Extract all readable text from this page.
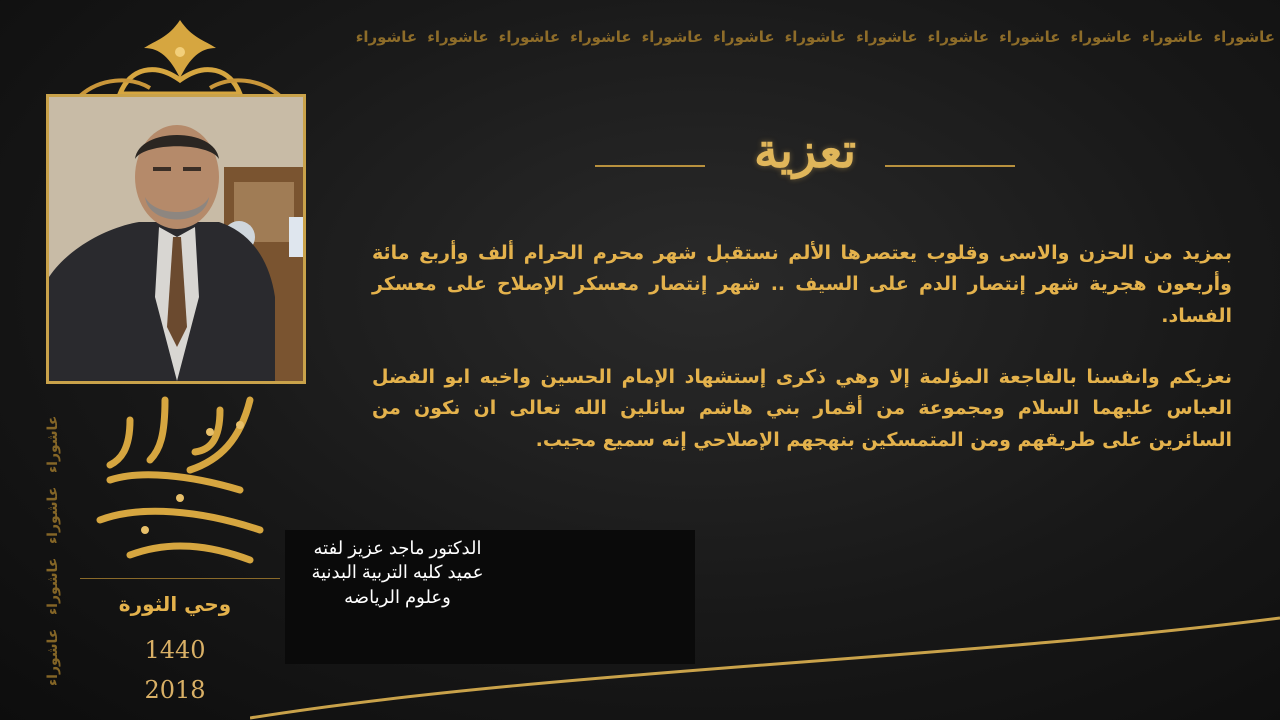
عاشوراء
عاشوراء
عاشوراء
عاشوراء
عاشوراء
عاشوراء
عاشوراء
عاشوراء
عاشوراء
عاشوراء
عاشوراء
عاشوراء
عاشوراء
عاشوراء
عاشوراء
عاشوراء
عاشوراء
تعزية
بمزيد من الحزن والاسى وقلوب يعتصرها الألم نستقبل شهر محرم الحرام ألف وأربع مائة وأربعون هجرية شهر إنتصار الدم على السيف .. شهر إنتصار معسكر الإصلاح على معسكر الفساد.
نعزيكم وانفسنا بالفاجعة المؤلمة إلا وهي ذكرى إستشهاد الإمام الحسين واخيه ابو الفضل العباس عليهما السلام ومجموعة من أقمار بني هاشم سائلين الله تعالى ان نكون من السائرين على طريقهم ومن المتمسكين بنهجهم الإصلاحي إنه سميع مجيب.
وحي الثورة
1440
2018
الدكتور ماجد عزيز لفته
عميد كليه التربية البدنية
وعلوم الرياضه
